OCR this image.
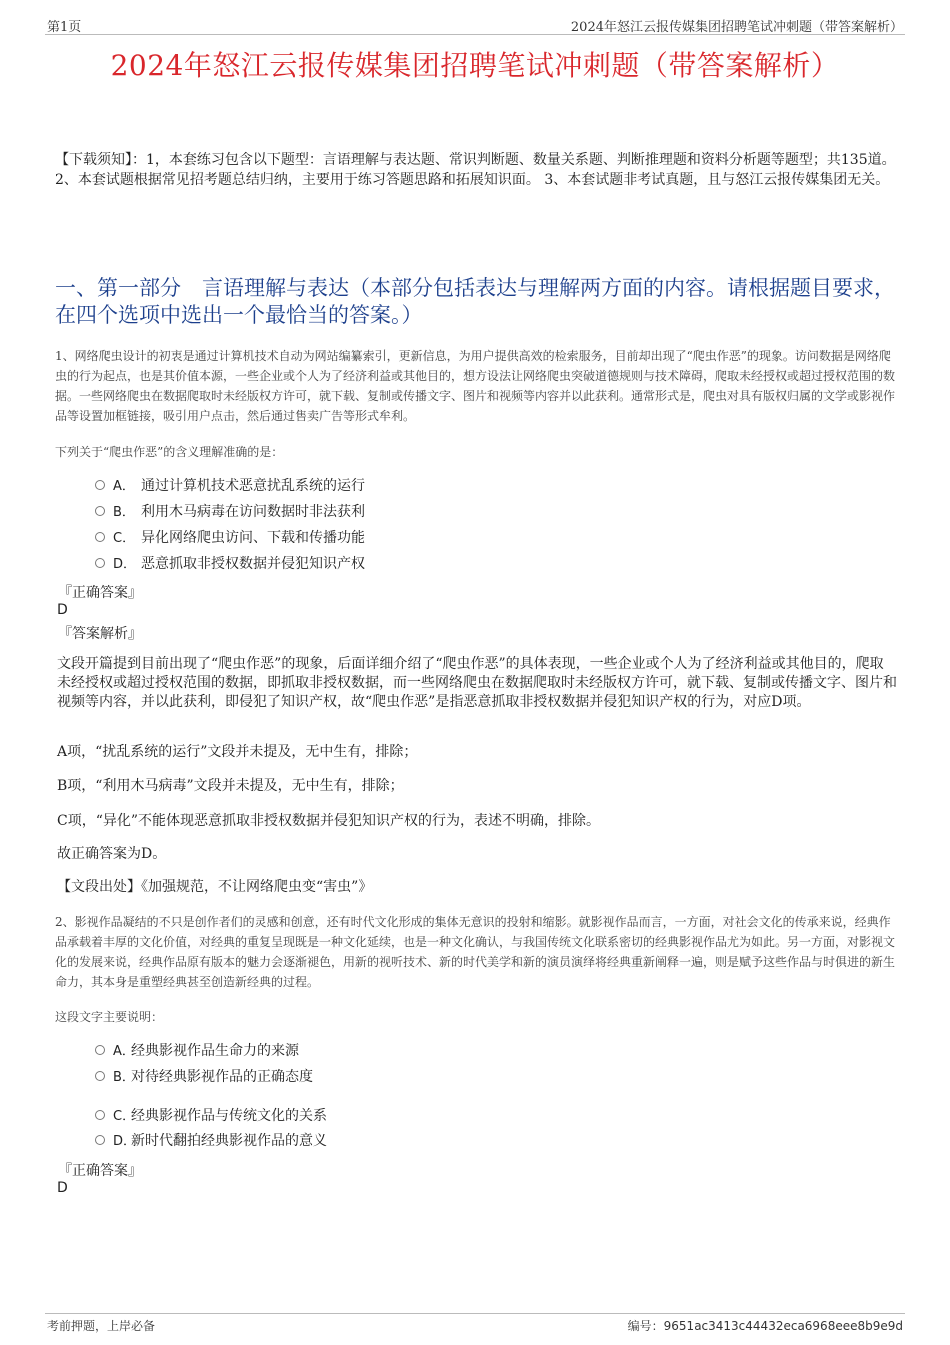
第1页	2024年怒江云报传媒集团招聘笔试冲刺题（带答案解析）
2024年怒江云报传媒集团招聘笔试冲刺题（带答案解析）
【下载须知】：1，本套练习包含以下题型：言语理解与表达题、常识判断题、数量关系题、判断推理题和资料分析题等题型；共135道。 2、本套试题根据常见招考题总结归纳，主要用于练习答题思路和拓展知识面。 3、本套试题非考试真题，且与怒江云报传媒集团无关。
一、第一部分　言语理解与表达（本部分包括表达与理解两方面的内容。请根据题目要求，在四个选项中选出一个最恰当的答案。）
1、网络爬虫设计的初衷是通过计算机技术自动为网站编纂索引，更新信息，为用户提供高效的检索服务，目前却出现了“爬虫作恶”的现象。访问数据是网络爬虫的行为起点，也是其价值本源，一些企业或个人为了经济利益或其他目的，想方设法让网络爬虫突破道德规则与技术障碍，爬取未经授权或超过授权范围的数据。一些网络爬虫在数据爬取时未经版权方许可，就下载、复制或传播文字、图片和视频等内容并以此获利。通常形式是，爬虫对具有版权归属的文学或影视作品等设置加框链接，吸引用户点击，然后通过售卖广告等形式牟利。
下列关于“爬虫作恶”的含义理解准确的是：
A． 通过计算机技术恶意扰乱系统的运行
B． 利用木马病毒在访问数据时非法获利
C． 异化网络爬虫访问、下载和传播功能
D． 恶意抓取非授权数据并侵犯知识产权
『正确答案』
D
『答案解析』
文段开篇提到目前出现了“爬虫作恶”的现象，后面详细介绍了“爬虫作恶”的具体表现，一些企业或个人为了经济利益或其他目的，爬取未经授权或超过授权范围的数据，即抓取非授权数据，而一些网络爬虫在数据爬取时未经版权方许可，就下载、复制或传播文字、图片和视频等内容，并以此获利，即侵犯了知识产权，故“爬虫作恶”是指恶意抓取非授权数据并侵犯知识产权的行为，对应D项。
A项，“扰乱系统的运行”文段并未提及，无中生有，排除；
B项，“利用木马病毒”文段并未提及，无中生有，排除；
C项，“异化”不能体现恶意抓取非授权数据并侵犯知识产权的行为，表述不明确，排除。
故正确答案为D。
【文段出处】《加强规范，不让网络爬虫变“害虫”》
2、影视作品凝结的不只是创作者们的灵感和创意，还有时代文化形成的集体无意识的投射和缩影。就影视作品而言，一方面，对社会文化的传承来说，经典作品承载着丰厚的文化价值，对经典的重复呈现既是一种文化延续，也是一种文化确认，与我国传统文化联系密切的经典影视作品尤为如此。另一方面，对影视文化的发展来说，经典作品原有版本的魅力会逐渐褪色，用新的视听技术、新的时代美学和新的演员演绎将经典重新阐释一遍，则是赋予这些作品与时俱进的新生命力，其本身是重塑经典甚至创造新经典的过程。
这段文字主要说明：
A．经典影视作品生命力的来源
B．对待经典影视作品的正确态度
C．经典影视作品与传统文化的关系
D．新时代翻拍经典影视作品的意义
『正确答案』
D
考前押题，上岸必备	编号：9651ac3413c44432eca6968eee8b9e9d
